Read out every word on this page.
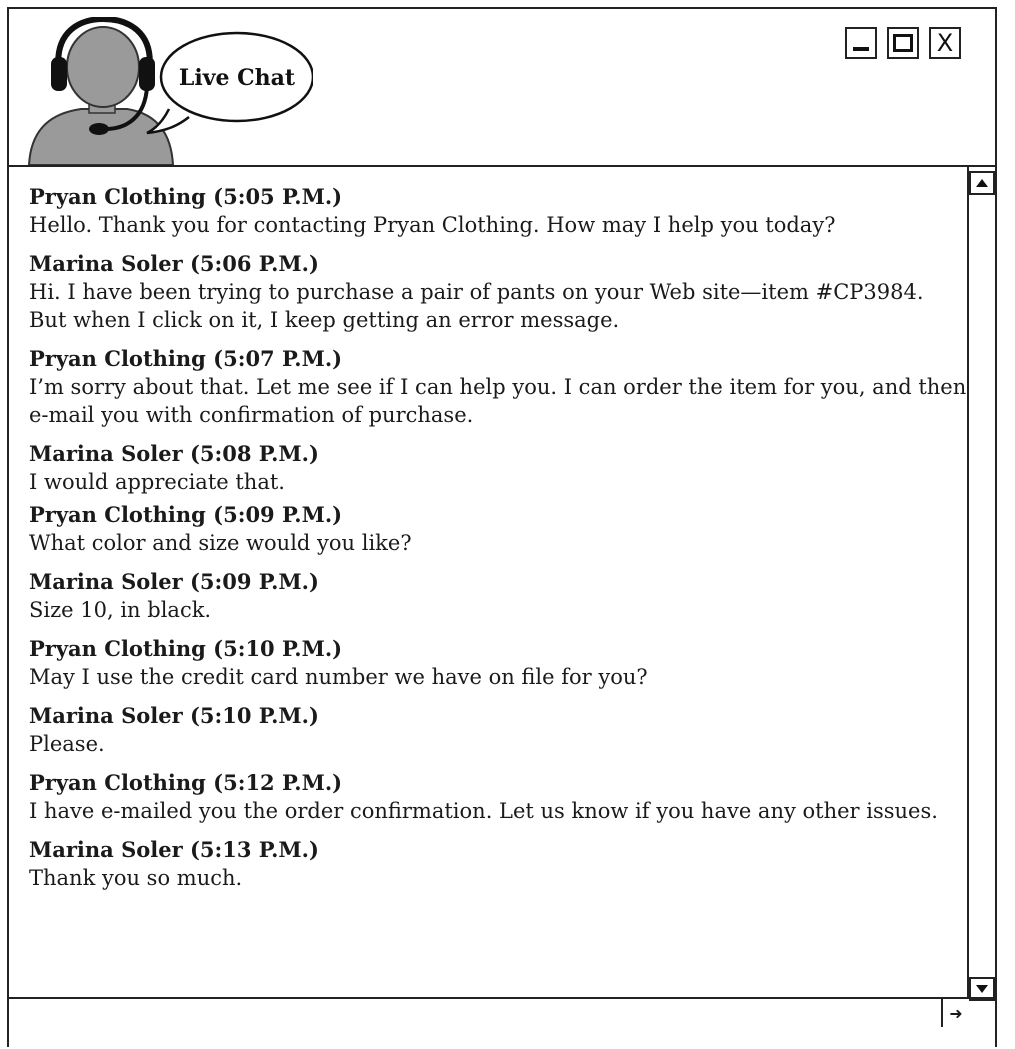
Live Chat
X
Pryan Clothing (5:05 P.M.)
Hello. Thank you for contacting Pryan Clothing. How may I help you today?
Marina Soler (5:06 P.M.)
Hi. I have been trying to purchase a pair of pants on your Web site—item #CP3984. But when I click on it, I keep getting an error message.
Pryan Clothing (5:07 P.M.)
I’m sorry about that. Let me see if I can help you. I can order the item for you, and then e-mail you with confirmation of purchase.
Marina Soler (5:08 P.M.)
I would appreciate that.
Pryan Clothing (5:09 P.M.)
What color and size would you like?
Marina Soler (5:09 P.M.)
Size 10, in black.
Pryan Clothing (5:10 P.M.)
May I use the credit card number we have on file for you?
Marina Soler (5:10 P.M.)
Please.
Pryan Clothing (5:12 P.M.)
I have e-mailed you the order confirmation. Let us know if you have any other issues.
Marina Soler (5:13 P.M.)
Thank you so much.
➜
